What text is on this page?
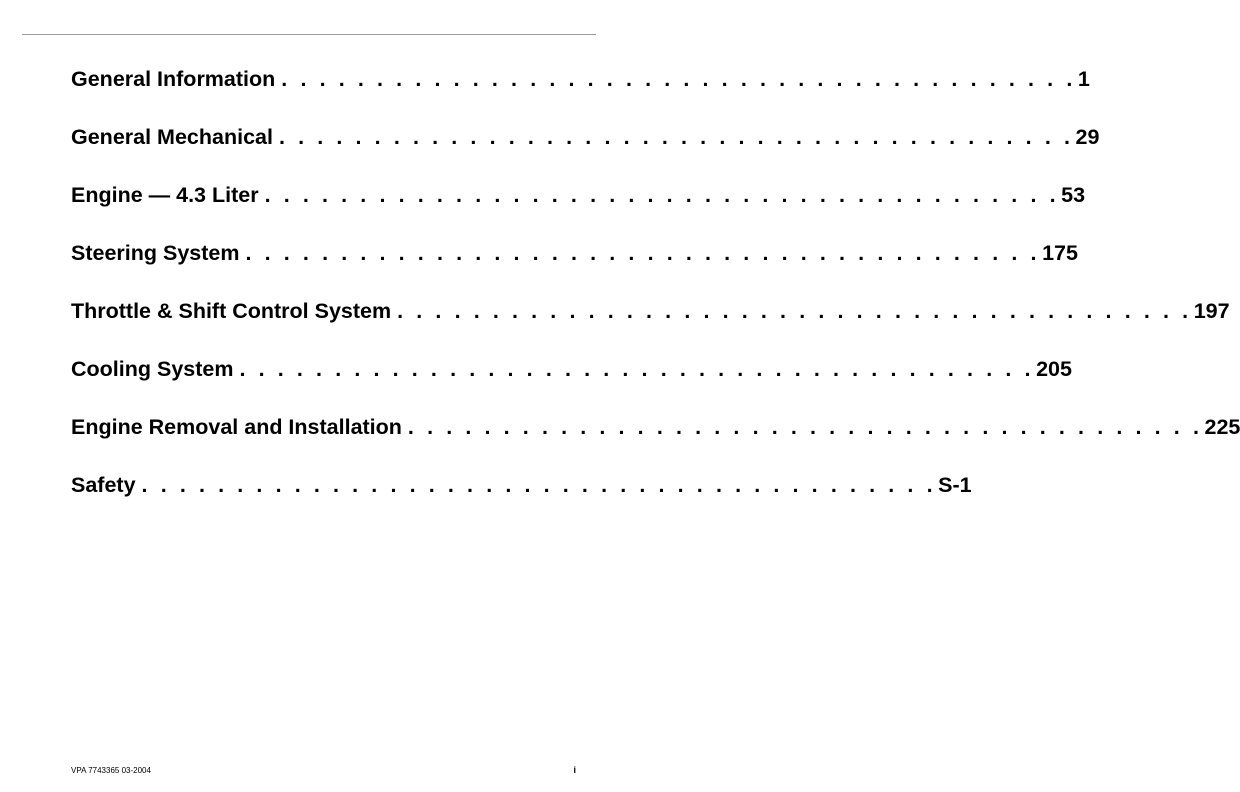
General Information . . . . . . . . . . . . . . . . . . . . . . . . . . . . . . . . . . . . . . . . . . 1
General Mechanical . . . . . . . . . . . . . . . . . . . . . . . . . . . . . . . . . . . . . . . . . . 29
Engine — 4.3 Liter . . . . . . . . . . . . . . . . . . . . . . . . . . . . . . . . . . . . . . . . . . 53
Steering System . . . . . . . . . . . . . . . . . . . . . . . . . . . . . . . . . . . . . . . . . . 175
Throttle & Shift Control System . . . . . . . . . . . . . . . . . . . . . . . . . . . . . . . . . . . . . . . . . . 197
Cooling System . . . . . . . . . . . . . . . . . . . . . . . . . . . . . . . . . . . . . . . . . . 205
Engine Removal and Installation . . . . . . . . . . . . . . . . . . . . . . . . . . . . . . . . . . . . . . . . . . 225
Safety . . . . . . . . . . . . . . . . . . . . . . . . . . . . . . . . . . . . . . . . . . S-1
VPA 7743365 03-2004	i
